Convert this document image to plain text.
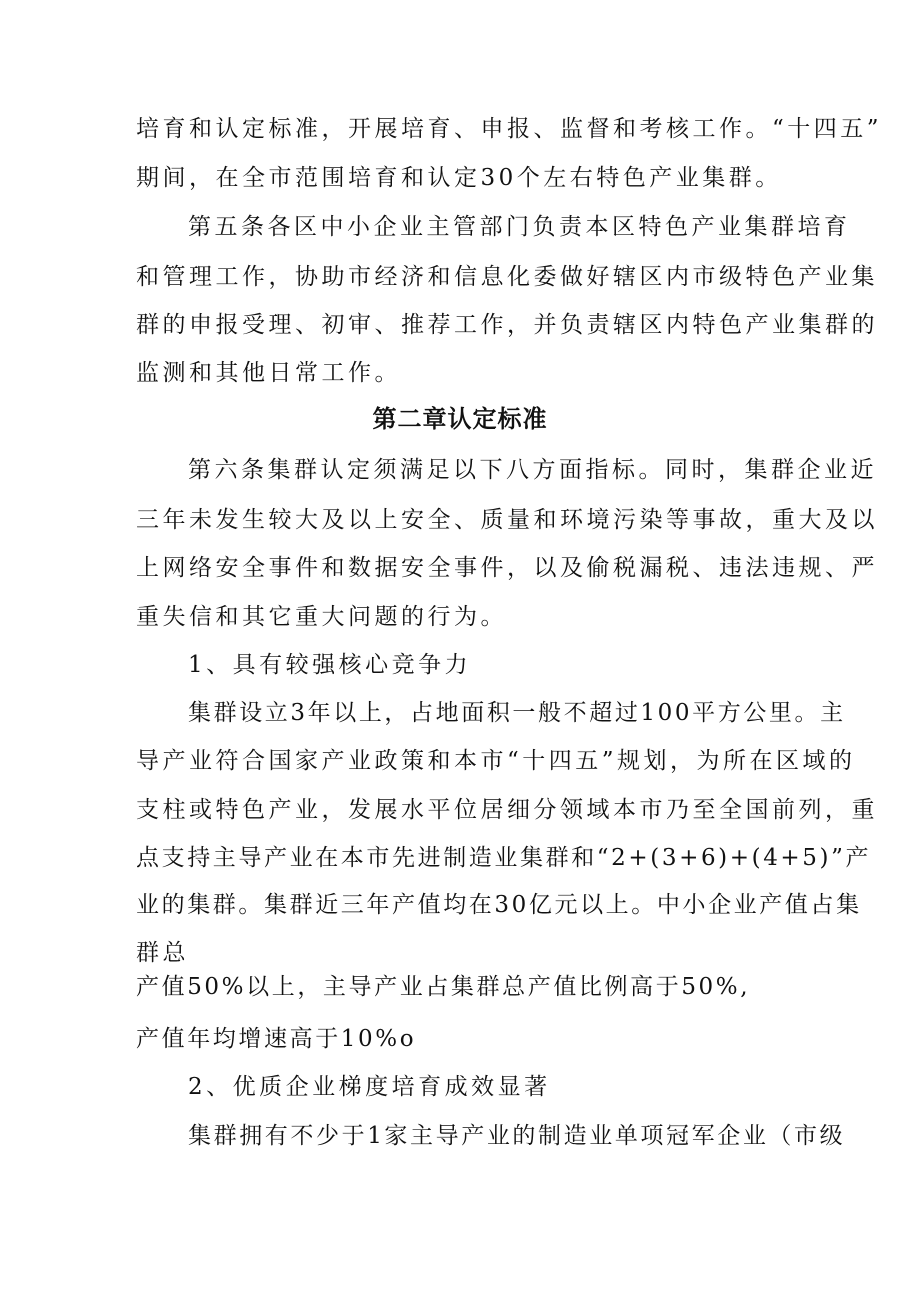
培育和认定标准，开展培育、申报、监督和考核工作。“十四五”
期间，在全市范围培育和认定30个左右特色产业集群。
第五条各区中小企业主管部门负责本区特色产业集群培育
和管理工作，协助市经济和信息化委做好辖区内市级特色产业集
群的申报受理、初审、推荐工作，并负责辖区内特色产业集群的
监测和其他日常工作。
第二章认定标准
第六条集群认定须满足以下八方面指标。同时，集群企业近
三年未发生较大及以上安全、质量和环境污染等事故，重大及以
上网络安全事件和数据安全事件，以及偷税漏税、违法违规、严
重失信和其它重大问题的行为。
1、具有较强核心竞争力
集群设立3年以上，占地面积一般不超过100平方公里。主
导产业符合国家产业政策和本市“十四五”规划，为所在区域的
支柱或特色产业，发展水平位居细分领域本市乃至全国前列，重
点支持主导产业在本市先进制造业集群和“2+(3+6)+(4+5)”产
业的集群。集群近三年产值均在30亿元以上。中小企业产值占集
群总
产值50%以上，主导产业占集群总产值比例高于50%,
产值年均增速高于10%o
2、优质企业梯度培育成效显著
集群拥有不少于1家主导产业的制造业单项冠军企业（市级
